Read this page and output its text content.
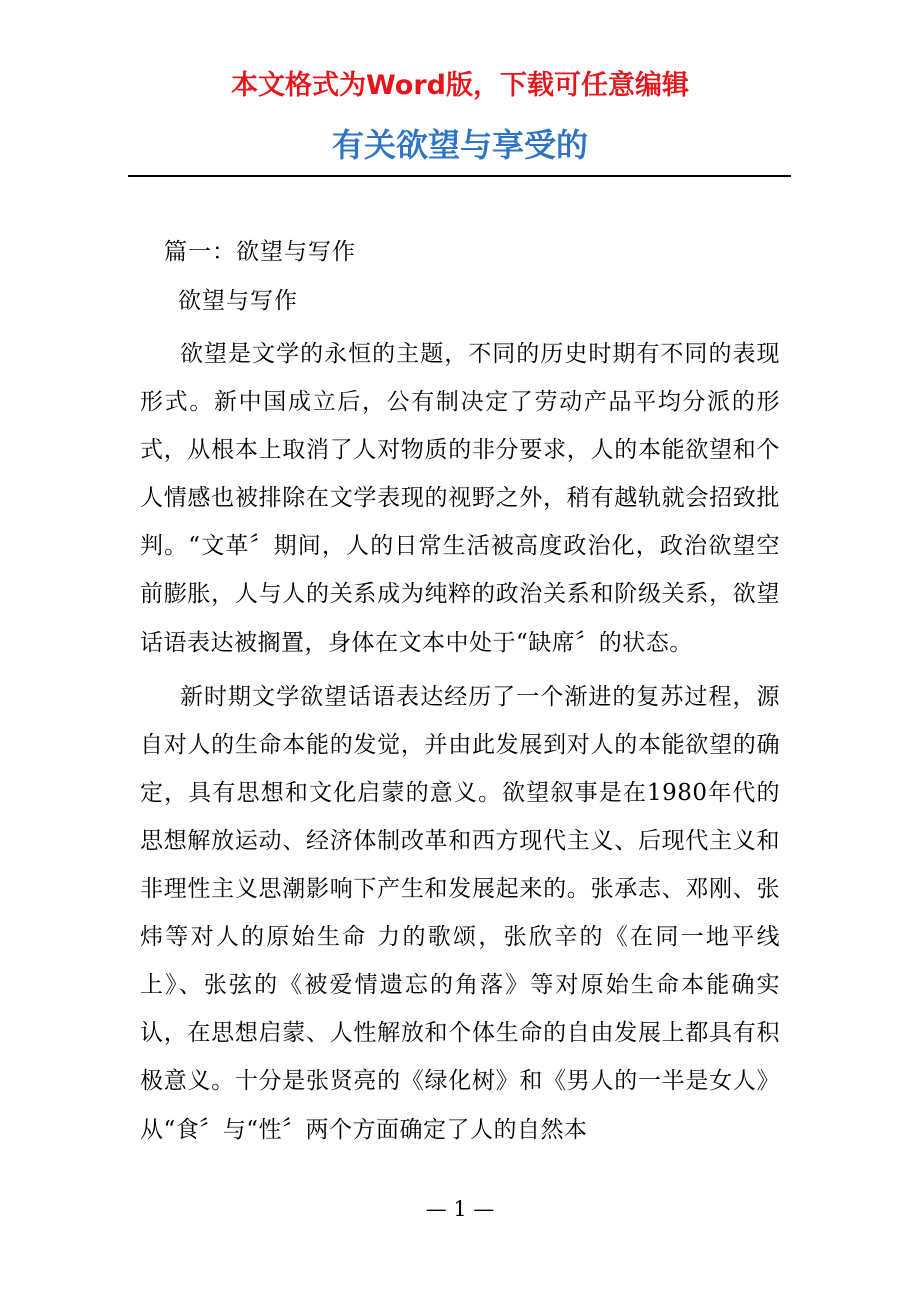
本文格式为Word版，下载可任意编辑

有关欲望与享受的

篇一：欲望与写作

欲望与写作

欲望是文学的永恒的主题，不同的历史时期有不同的表现形式。新中国成立后，公有制决定了劳动产品平均分派的形式，从根本上取消了人对物质的非分要求，人的本能欲望和个人情感也被排除在文学表现的视野之外，稍有越轨就会招致批判。“文革〞期间，人的日常生活被高度政治化，政治欲望空前膨胀，人与人的关系成为纯粹的政治关系和阶级关系，欲望话语表达被搁置，身体在文本中处于“缺席〞的状态。

新时期文学欲望话语表达经历了一个渐进的复苏过程，源自对人的生命本能的发觉，并由此发展到对人的本能欲望的确定，具有思想和文化启蒙的意义。欲望叙事是在1980年代的思想解放运动、经济体制改革和西方现代主义、后现代主义和非理性主义思潮影响下产生和发展起来的。张承志、邓刚、张炜等对人的原始生命 力的歌颂，张欣辛的《在同一地平线上》、张弦的《被爱情遗忘的角落》等对原始生命本能确实认，在思想启蒙、人性解放和个体生命的自由发展上都具有积极意义。十分是张贤亮的《绿化树》和《男人的一半是女人》从“食〞与“性〞两个方面确定了人的自然本

— 1 —
